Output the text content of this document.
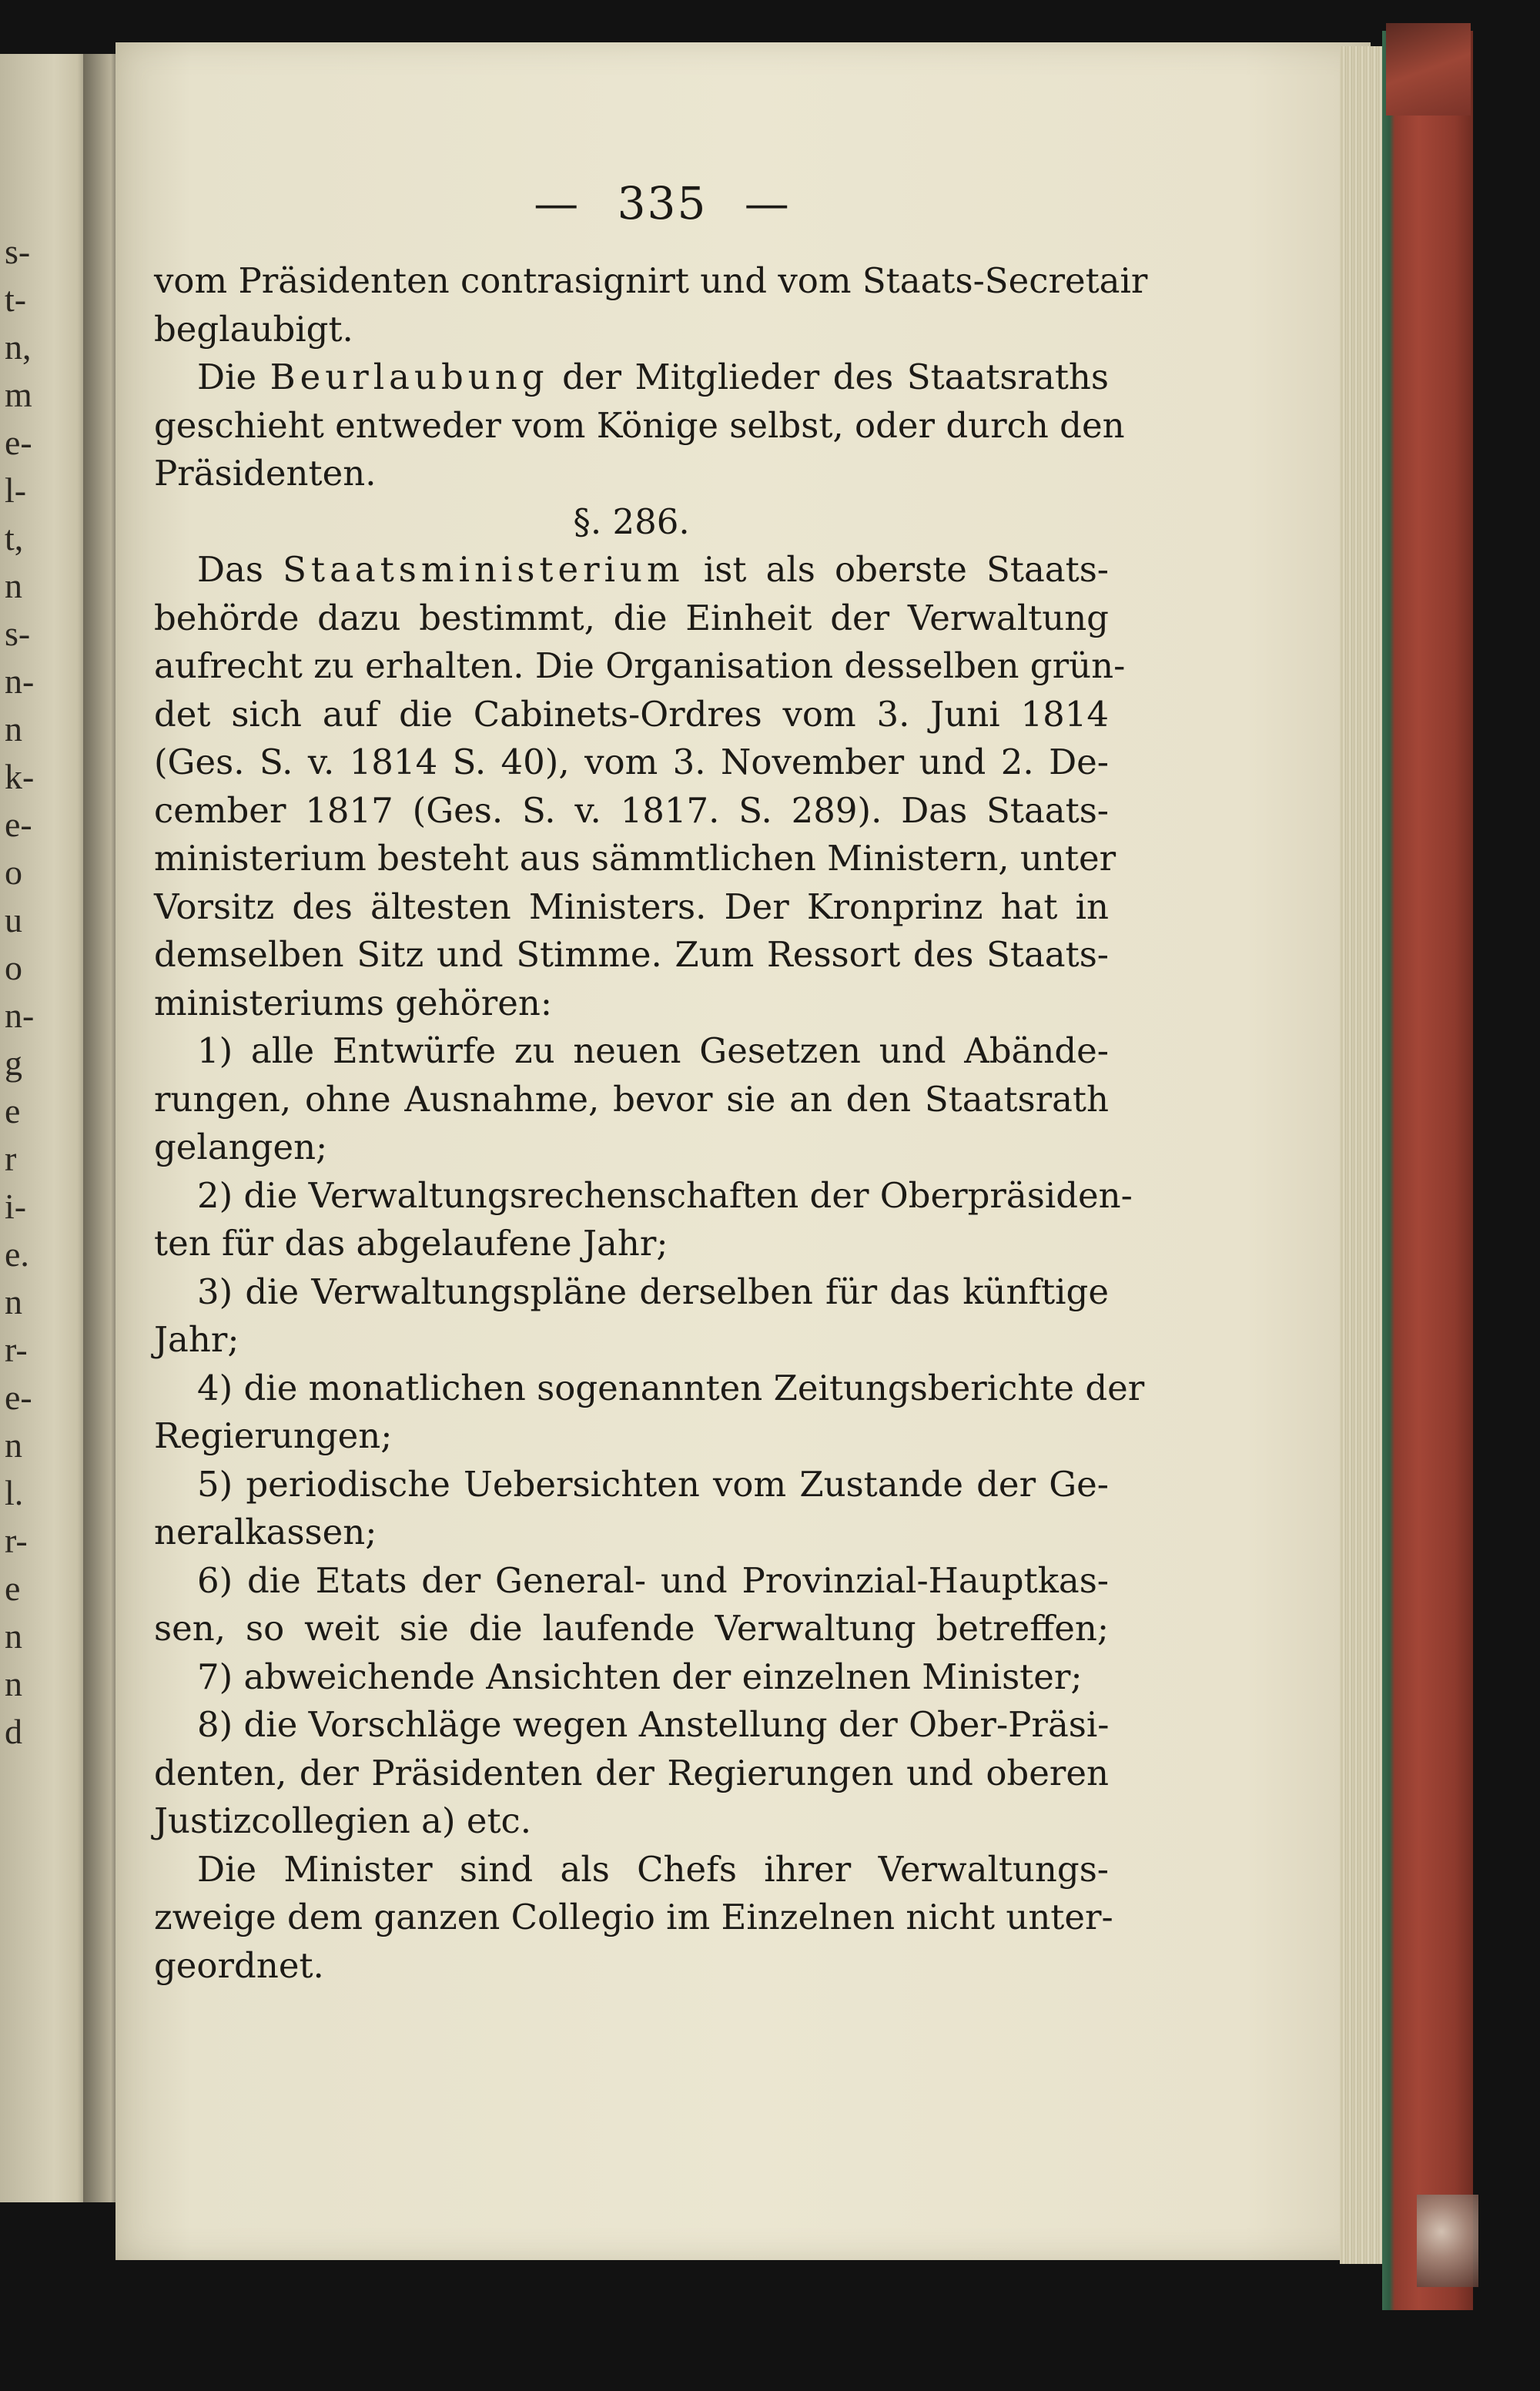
s-
t-
n,
m
e-
l-
t,
n
s-
n-
n
k-
e-
o
u
o
n-
g
e
r
i-
e.
n
r-
e-
n
l.
r-
e
n
n
d
— 335 —
vom Präsidenten contrasignirt und vom Staats-Secretair
beglaubigt.
Die Beurlaubung der Mitglieder des Staatsraths
geschieht entweder vom Könige selbst, oder durch den
Präsidenten.
§. 286.
Das Staatsministerium ist als oberste Staats-
behörde dazu bestimmt, die Einheit der Verwaltung
aufrecht zu erhalten. Die Organisation desselben grün-
det sich auf die Cabinets-Ordres vom 3. Juni 1814
(Ges. S. v. 1814 S. 40), vom 3. November und 2. De-
cember 1817 (Ges. S. v. 1817. S. 289). Das Staats-
ministerium besteht aus sämmtlichen Ministern, unter
Vorsitz des ältesten Ministers. Der Kronprinz hat in
demselben Sitz und Stimme. Zum Ressort des Staats-
ministeriums gehören:
1) alle Entwürfe zu neuen Gesetzen und Abände-
rungen, ohne Ausnahme, bevor sie an den Staatsrath
gelangen;
2) die Verwaltungsrechenschaften der Oberpräsiden-
ten für das abgelaufene Jahr;
3) die Verwaltungspläne derselben für das künftige
Jahr;
4) die monatlichen sogenannten Zeitungsberichte der
Regierungen;
5) periodische Uebersichten vom Zustande der Ge-
neralkassen;
6) die Etats der General- und Provinzial-Hauptkas-
sen, so weit sie die laufende Verwaltung betreffen;
7) abweichende Ansichten der einzelnen Minister;
8) die Vorschläge wegen Anstellung der Ober-Präsi-
denten, der Präsidenten der Regierungen und oberen
Justizcollegien a) etc.
Die Minister sind als Chefs ihrer Verwaltungs-
zweige dem ganzen Collegio im Einzelnen nicht unter-
geordnet.
